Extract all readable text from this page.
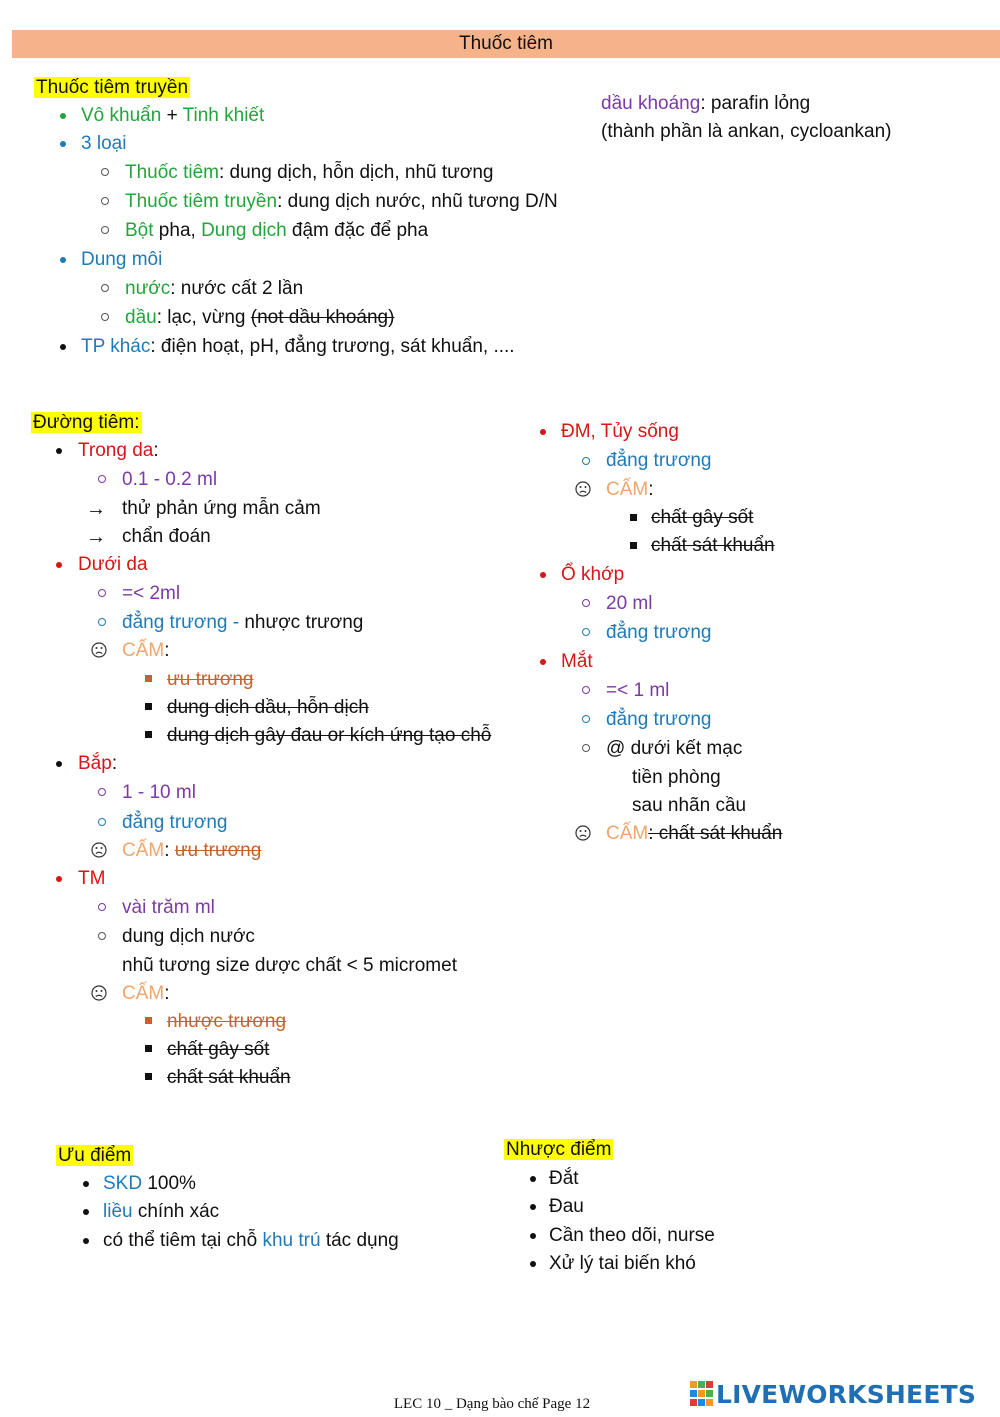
Thuốc tiêm
Thuốc tiêm truyền
Vô khuẩn + Tinh khiết
3 loại
Thuốc tiêm: dung dịch, hỗn dịch, nhũ tương
Thuốc tiêm truyền: dung dịch nước, nhũ tương D/N
Bột pha, Dung dịch đậm đặc để pha
Dung môi
nước: nước cất 2 lần
dầu: lạc, vừng (not dầu khoáng)
TP khác: điện hoạt, pH, đẳng trương, sát khuẩn, ....
dầu khoáng: parafin lỏng
(thành phần là ankan, cycloankan)
Đường tiêm:
Trong da:
0.1 - 0.2 ml
→ thử phản ứng mẫn cảm
→ chẩn đoán
Dưới da
=< 2ml
đẳng trương - nhược trương
CẤM:
ưu trương
dung dịch dầu, hỗn dịch
dung dịch gây đau or kích ứng tạo chỗ
Bắp:
1 - 10 ml
đẳng trương
CẤM: ưu trương
TM
vài trăm ml
dung dịch nước
nhũ tương size dược chất < 5 micromet
CẤM:
nhược trương
chất gây sốt
chất sát khuẩn
ĐM, Tủy sống
đẳng trương
CẤM:
chất gây sốt
chất sát khuẩn
Ổ khớp
20 ml
đẳng trương
Mắt
=< 1 ml
đẳng trương
@ dưới kết mạc
tiền phòng
sau nhãn cầu
CẤM: chất sát khuẩn
Ưu điểm
SKD 100%
liều chính xác
có thể tiêm tại chỗ khu trú tác dụng
Nhược điểm
Đắt
Đau
Cần theo dõi, nurse
Xử lý tai biến khó
LEC 10 _ Dạng bào chế Page 12	LIVEWORKSHEETS
